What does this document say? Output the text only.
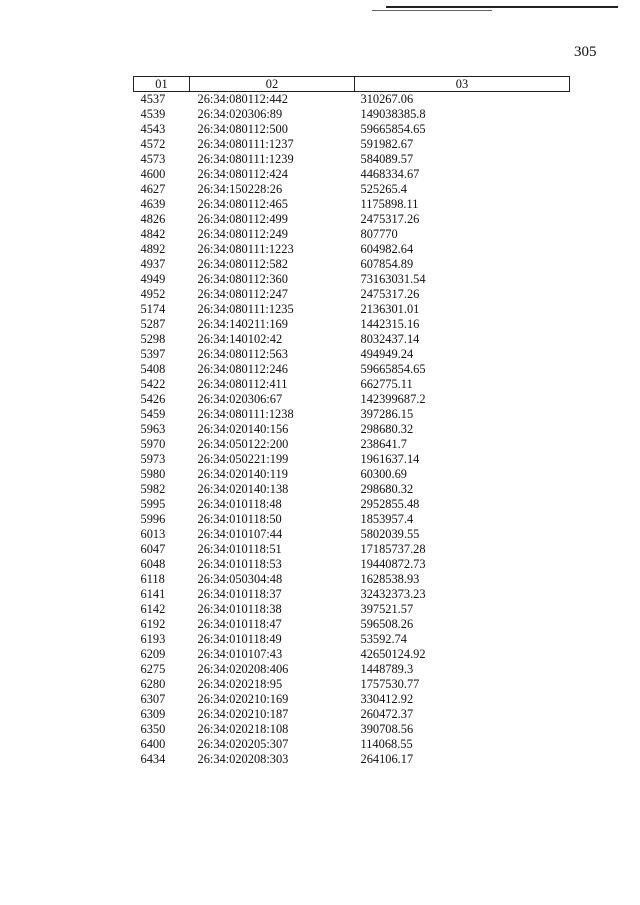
305
01	02	03
4537	26:34:080112:442	310267.06
4539	26:34:020306:89	149038385.8
4543	26:34:080112:500	59665854.65
4572	26:34:080111:1237	591982.67
4573	26:34:080111:1239	584089.57
4600	26:34:080112:424	4468334.67
4627	26:34:150228:26	525265.4
4639	26:34:080112:465	1175898.11
4826	26:34:080112:499	2475317.26
4842	26:34:080112:249	807770
4892	26:34:080111:1223	604982.64
4937	26:34:080112:582	607854.89
4949	26:34:080112:360	73163031.54
4952	26:34:080112:247	2475317.26
5174	26:34:080111:1235	2136301.01
5287	26:34:140211:169	1442315.16
5298	26:34:140102:42	8032437.14
5397	26:34:080112:563	494949.24
5408	26:34:080112:246	59665854.65
5422	26:34:080112:411	662775.11
5426	26:34:020306:67	142399687.2
5459	26:34:080111:1238	397286.15
5963	26:34:020140:156	298680.32
5970	26:34:050122:200	238641.7
5973	26:34:050221:199	1961637.14
5980	26:34:020140:119	60300.69
5982	26:34:020140:138	298680.32
5995	26:34:010118:48	2952855.48
5996	26:34:010118:50	1853957.4
6013	26:34:010107:44	5802039.55
6047	26:34:010118:51	17185737.28
6048	26:34:010118:53	19440872.73
6118	26:34:050304:48	1628538.93
6141	26:34:010118:37	32432373.23
6142	26:34:010118:38	397521.57
6192	26:34:010118:47	596508.26
6193	26:34:010118:49	53592.74
6209	26:34:010107:43	42650124.92
6275	26:34:020208:406	1448789.3
6280	26:34:020218:95	1757530.77
6307	26:34:020210:169	330412.92
6309	26:34:020210:187	260472.37
6350	26:34:020218:108	390708.56
6400	26:34:020205:307	114068.55
6434	26:34:020208:303	264106.17
